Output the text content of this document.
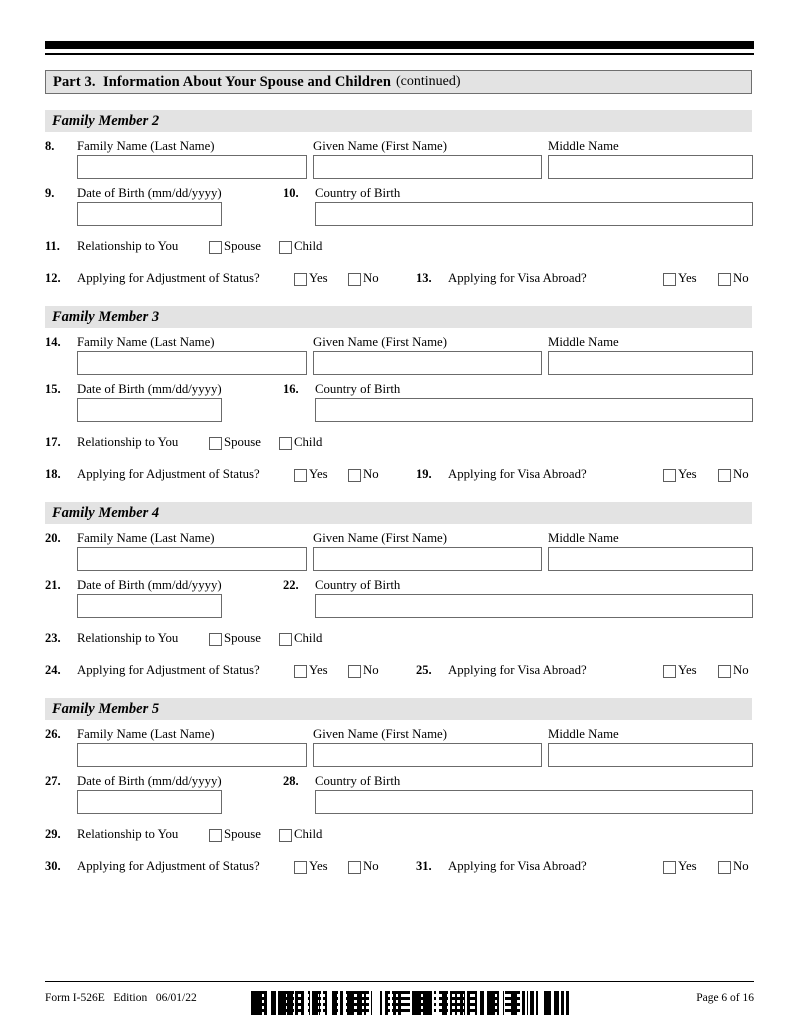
Part 3.  Information About Your Spouse and Children (continued)
Family Member 2
8. Family Name (Last Name)	Given Name (First Name)	Middle Name
9. Date of Birth (mm/dd/yyyy)	10. Country of Birth
11. Relationship to You	Spouse	Child
12. Applying for Adjustment of Status?	Yes	No	13. Applying for Visa Abroad?	Yes	No
Family Member 3
14. Family Name (Last Name)	Given Name (First Name)	Middle Name
15. Date of Birth (mm/dd/yyyy)	16. Country of Birth
17. Relationship to You	Spouse	Child
18. Applying for Adjustment of Status?	Yes	No	19. Applying for Visa Abroad?	Yes	No
Family Member 4
20. Family Name (Last Name)	Given Name (First Name)	Middle Name
21. Date of Birth (mm/dd/yyyy)	22. Country of Birth
23. Relationship to You	Spouse	Child
24. Applying for Adjustment of Status?	Yes	No	25. Applying for Visa Abroad?	Yes	No
Family Member 5
26. Family Name (Last Name)	Given Name (First Name)	Middle Name
27. Date of Birth (mm/dd/yyyy)	28. Country of Birth
29. Relationship to You	Spouse	Child
30. Applying for Adjustment of Status?	Yes	No	31. Applying for Visa Abroad?	Yes	No
Form I-526E   Edition   06/01/22	Page 6 of 16
